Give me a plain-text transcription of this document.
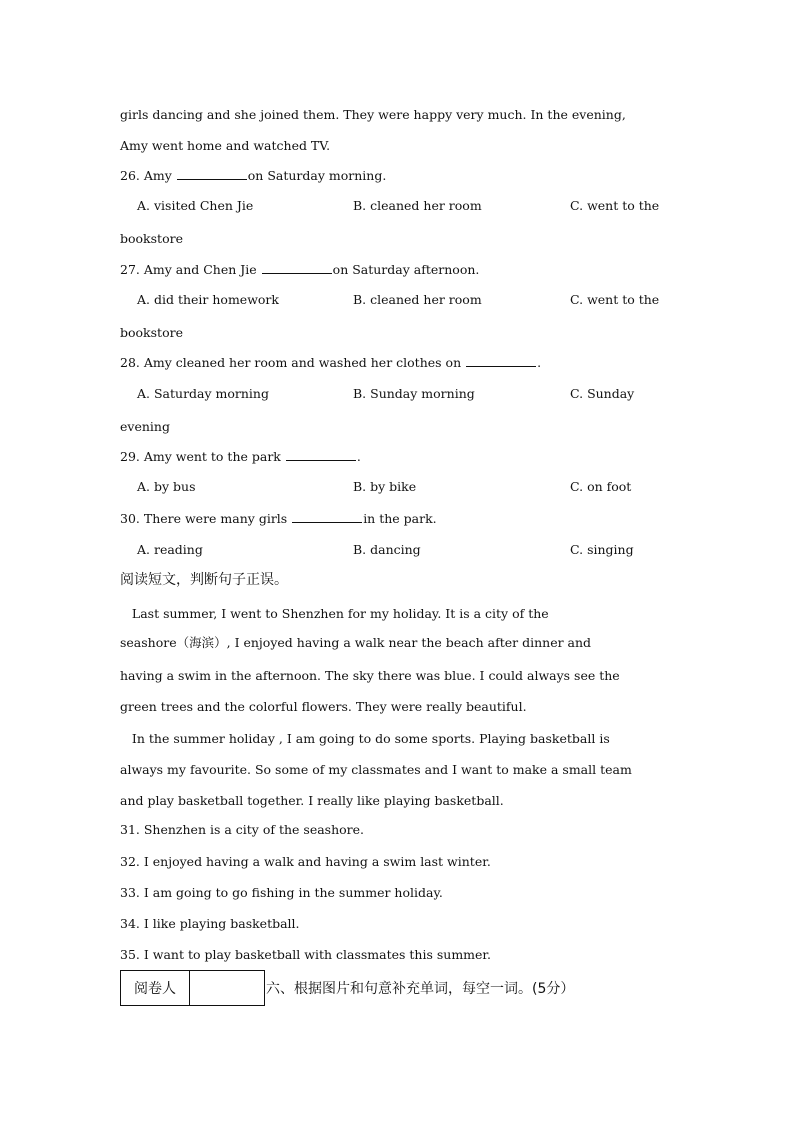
girls dancing and she joined them. They were happy very much. In the evening,
Amy went home and watched TV.
26. Amy	on Saturday morning.
A. visited Chen Jie	B. cleaned her room	C. went to the
bookstore
27. Amy and Chen Jie	on Saturday afternoon.
A. did their homework	B. cleaned her room	C. went to the
bookstore
28. Amy cleaned her room and washed her clothes on	.
A. Saturday morning	B. Sunday morning	C. Sunday
evening
29. Amy went to the park	.
A. by bus	B. by bike	C. on foot
30. There were many girls	in the park.
A. reading	B. dancing	C. singing
阅读短文，判断句子正误。
Last summer, I went to Shenzhen for my holiday. It is a city of the
seashore（海滨）, I enjoyed having a walk near the beach after dinner and
having a swim in the afternoon. The sky there was blue. I could always see the
green trees and the colorful flowers. They were really beautiful.
In the summer holiday , I am going to do some sports. Playing basketball is
always my favourite. So some of my classmates and I want to make a small team
and play basketball together. I really like playing basketball.
31. Shenzhen is a city of the seashore.
32. I enjoyed having a walk and having a swim last winter.
33. I am going to go fishing in the summer holiday.
34. I like playing basketball.
35. I want to play basketball with classmates this summer.
阅卷人		六、根据图片和句意补充单词，每空一词。(5分）
